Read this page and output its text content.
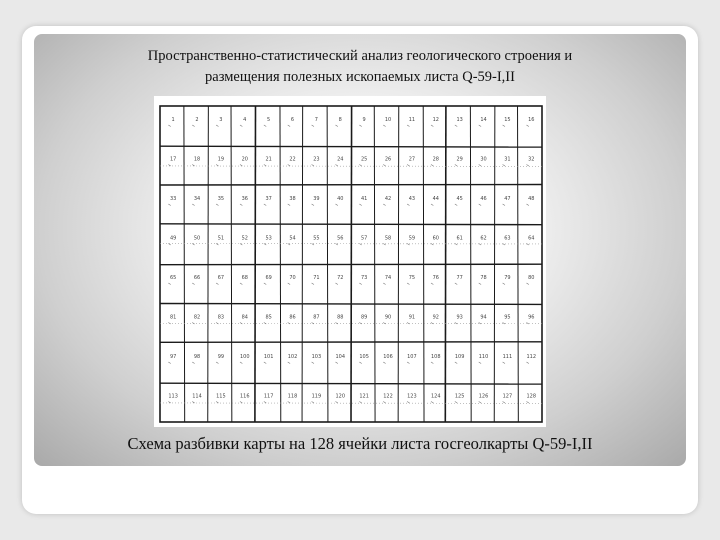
Пространственно-статистический анализ геологического строения и
размещения полезных ископаемых листа Q-59-I,II
1	2	3	4	5	6	7	8	9	10	11	12	13	14	15	16
17	18	19	20	21	22	23	24	25	26	27	28	29	30	31	32
33	34	35	36	37	38	39	40	41	42	43	44	45	46	47	48
49	50	51	52	53	54	55	56	57	58	59	60	61	62	63	64
65	66	67	68	69	70	71	72	73	74	75	76	77	78	79	80
81	82	83	84	85	86	87	88	89	90	91	92	93	94	95	96
97	98	99	100	101	102	103	104	105	106	107	108	109	110	111	112
113	114	115	116	117	118	119	120	121	122	123	124	125	126	127	128
Схема разбивки карты на 128 ячейки листа госгеолкарты Q-59-I,II
